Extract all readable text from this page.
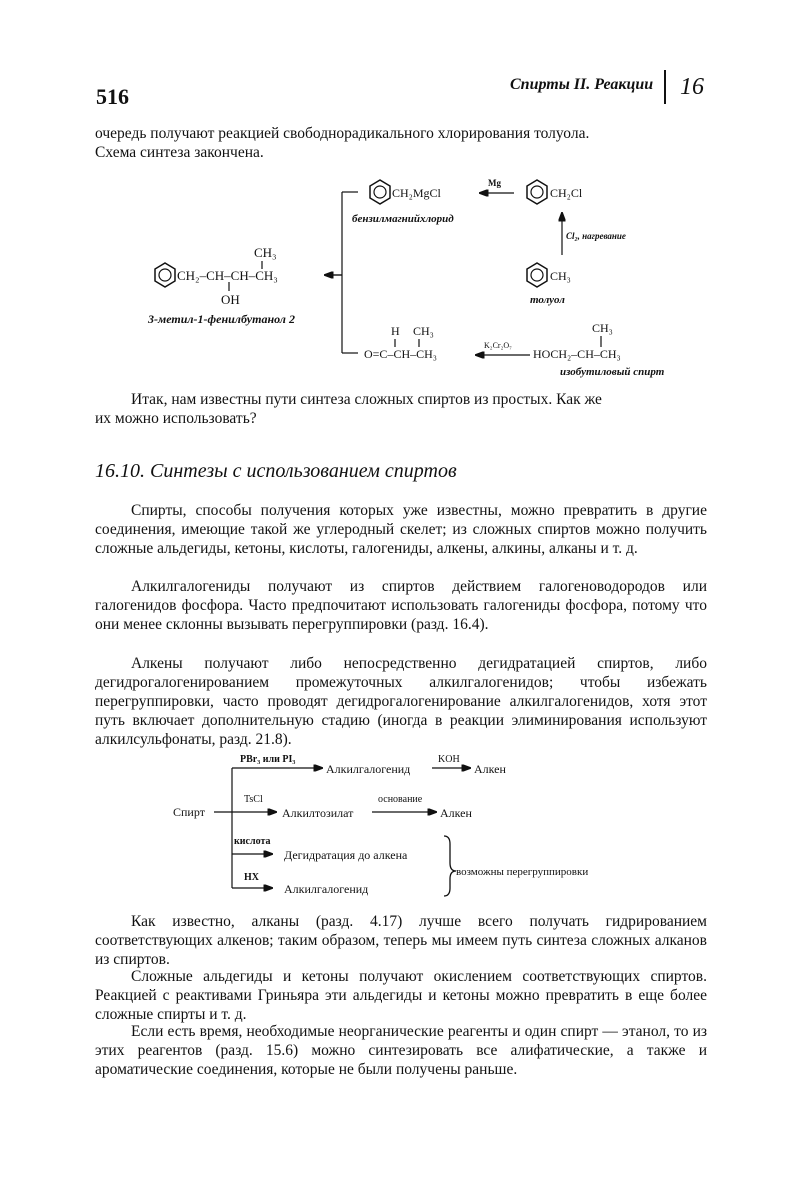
516	Спирты II. Реакции 16

очередь получают реакцией свободнорадикального хлорирования толуола.

Схема синтеза закончена.

CH₂–CH–CH–CH₃
CH₃
OH
3-метил-1-фенилбутанол 2
CH₂MgCl
бензилмагнийхлорид
Mg
CH₂Cl
Cl₂, нагревание
CH₃
толуол
H CH₃
O=C–CH–CH₃
K₂Cr₂O₇
CH₃
HOCH₂–CH–CH₃
изобутиловый спирт

Итак, нам известны пути синтеза сложных спиртов из простых. Как же

их можно использовать?

16.10. Синтезы с использованием спиртов

Спирты, способы получения которых уже известны, можно превратить в другие соединения, имеющие такой же углеродный скелет; из сложных спиртов можно получить сложные альдегиды, кетоны, кислоты, галогениды, алкены, алкины, алканы и т. д.

Алкилгалогениды получают из спиртов действием галогеноводородов или галогенидов фосфора. Часто предпочитают использовать галогениды фосфора, потому что они менее склонны вызывать перегруппировки (разд. 16.4).

Алкены получают либо непосредственно дегидратацией спиртов, либо дегидрогалогенированием промежуточных алкилгалогенидов; чтобы избежать перегруппировки, часто проводят дегидрогалогенирование алкилгалогенидов, хотя этот путь включает дополнительную стадию (иногда в реакции элиминирования используют алкилсульфонаты, разд. 21.8).

Спирт
PBr₃ или PI₃
Алкилгалогенид
KOH
Алкен
TsCl
Алкилтозилат
основание
Алкен
кислота
Дегидратация до алкена
HX
Алкилгалогенид
возможны перегруппировки

Как известно, алканы (разд. 4.17) лучше всего получать гидрированием соответствующих алкенов; таким образом, теперь мы имеем путь синтеза сложных алканов из спиртов.

Сложные альдегиды и кетоны получают окислением соответствующих спиртов. Реакцией с реактивами Гриньяра эти альдегиды и кетоны можно превратить в еще более сложные спирты и т. д.

Если есть время, необходимые неорганические реагенты и один спирт — этанол, то из этих реагентов (разд. 15.6) можно синтезировать все алифатические, а также и ароматические соединения, которые не были получены раньше.
